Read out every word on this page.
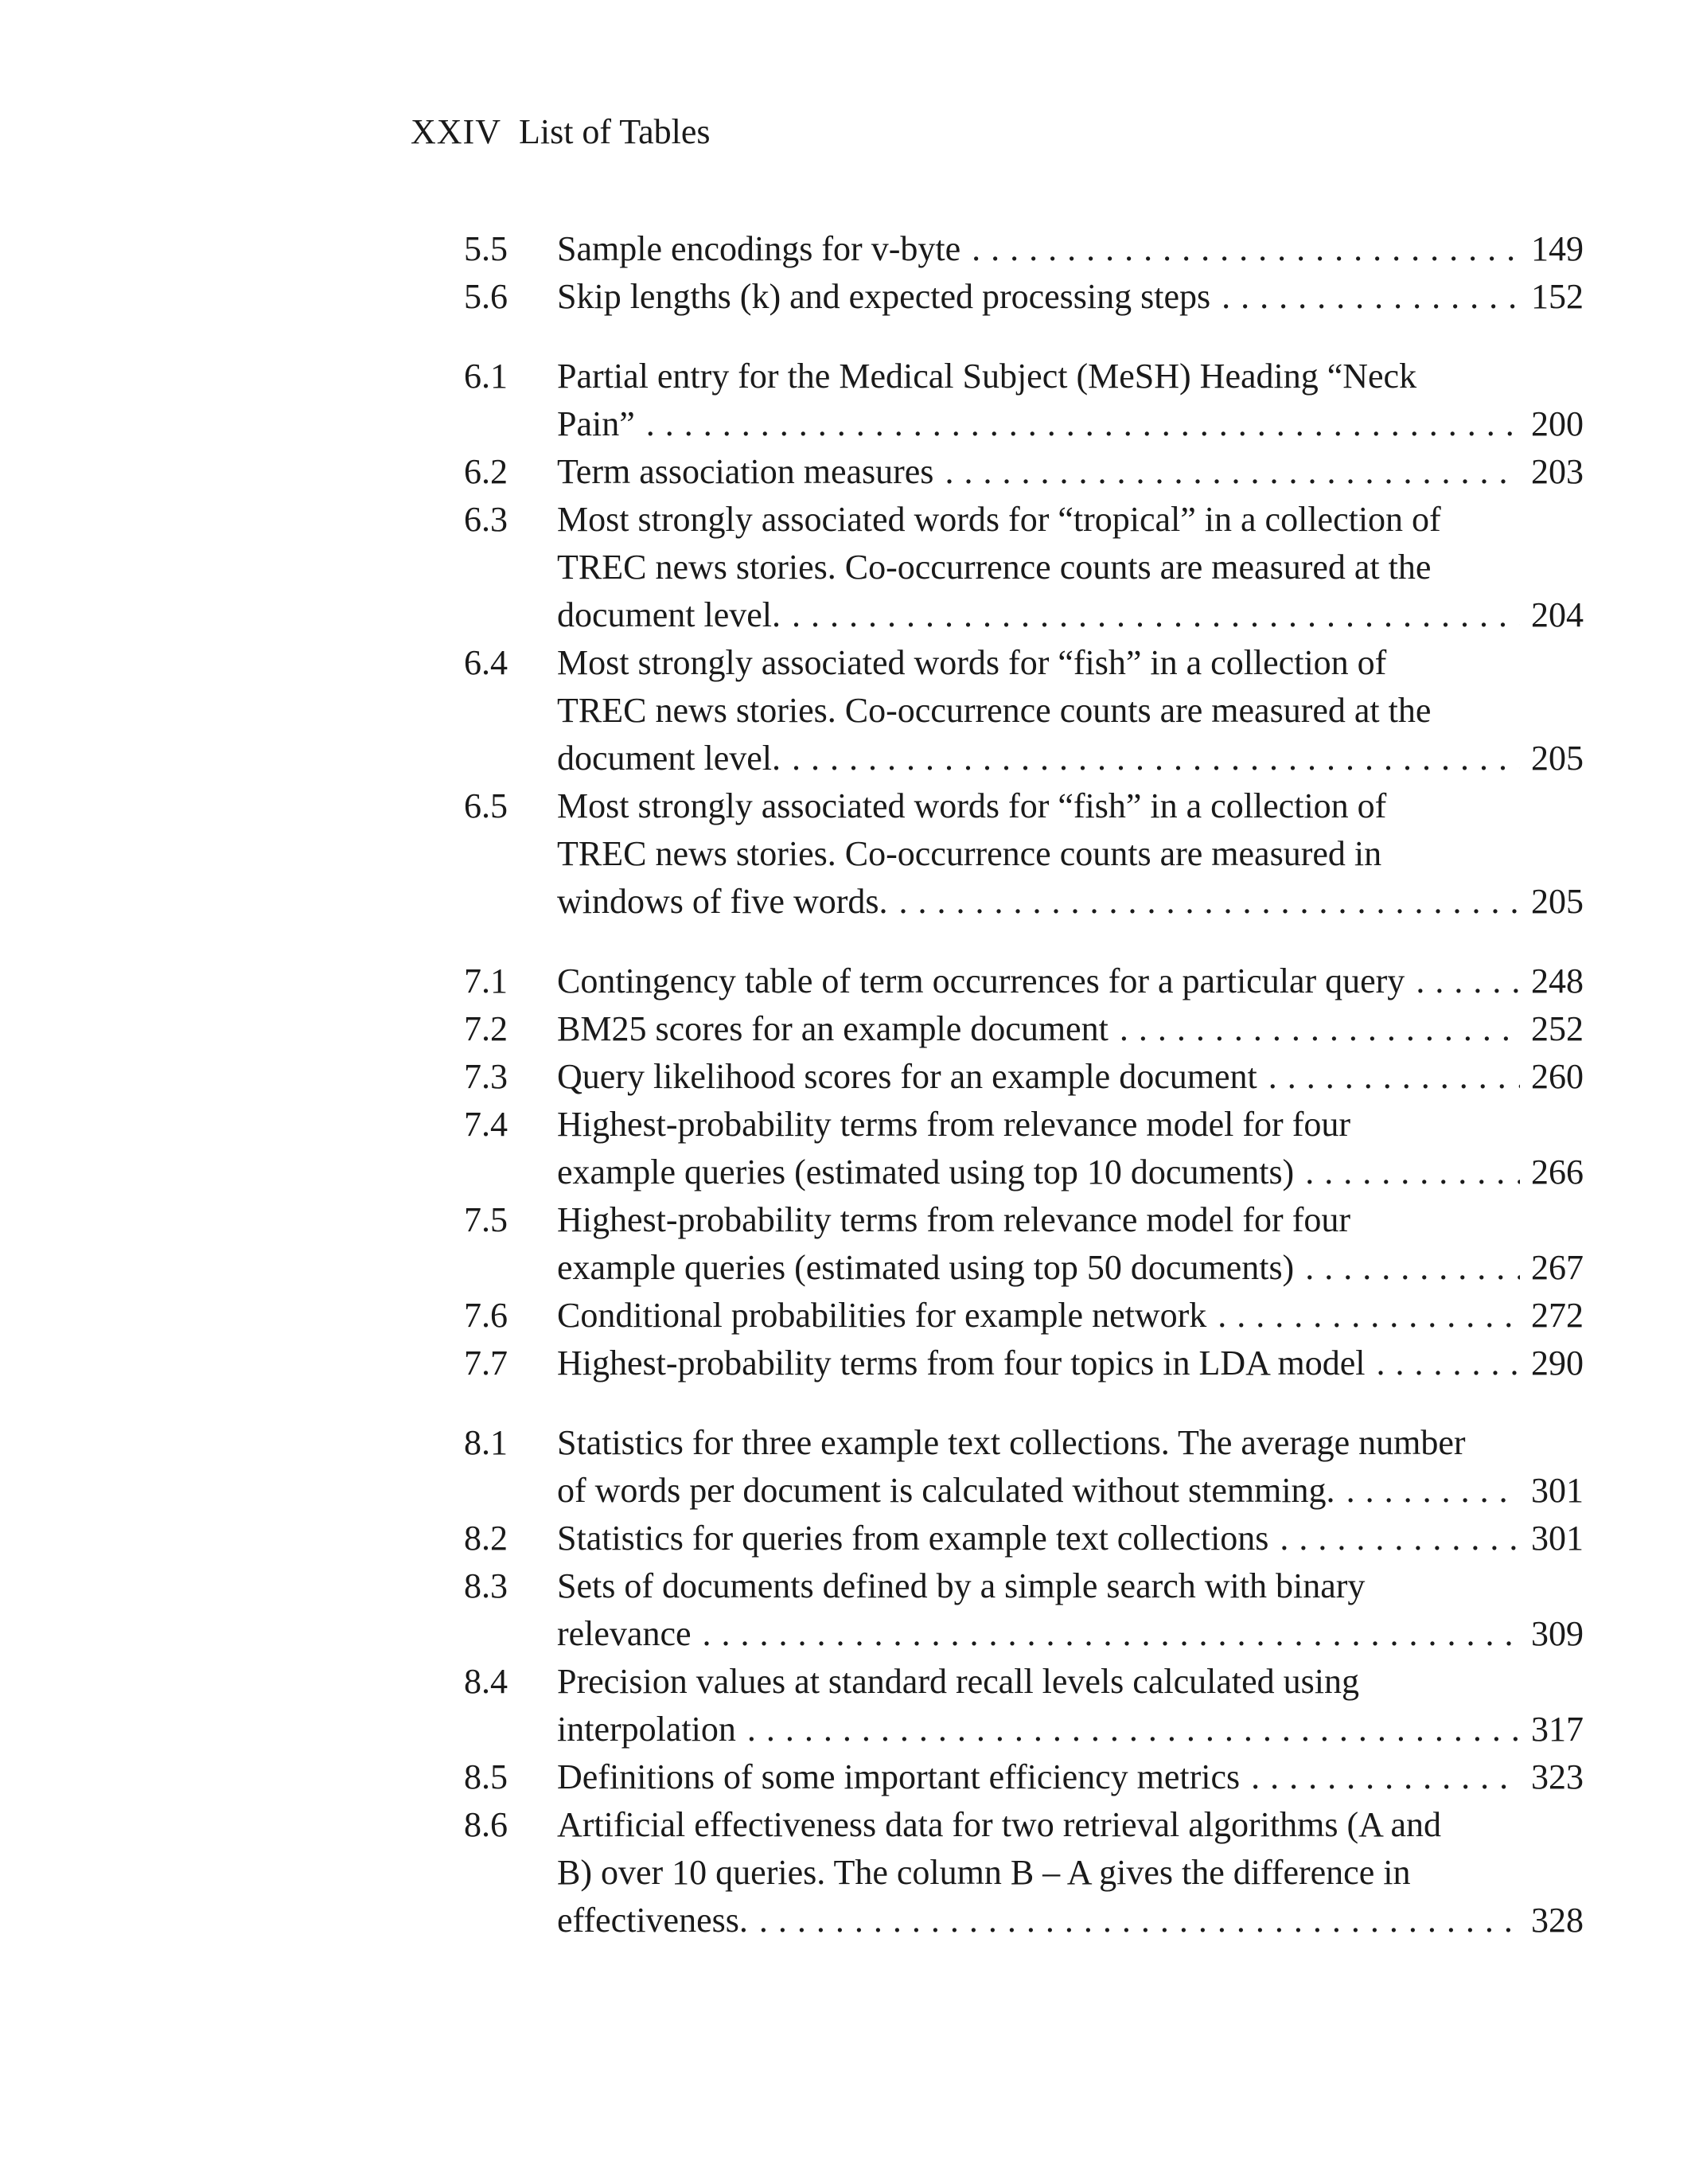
XXIV List of Tables
5.5	Sample encodings for v-byte . . .	149
5.6	Skip lengths (k) and expected processing steps . . .	152
6.1	Partial entry for the Medical Subject (MeSH) Heading “Neck
Pain” . . .	200
6.2	Term association measures . . .	203
6.3	Most strongly associated words for “tropical” in a collection of
TREC news stories. Co-occurrence counts are measured at the
document level. . . .	204
6.4	Most strongly associated words for “fish” in a collection of
TREC news stories. Co-occurrence counts are measured at the
document level. . . .	205
6.5	Most strongly associated words for “fish” in a collection of
TREC news stories. Co-occurrence counts are measured in
windows of five words. . . .	205
7.1	Contingency table of term occurrences for a particular query . . .	248
7.2	BM25 scores for an example document . . .	252
7.3	Query likelihood scores for an example document . . .	260
7.4	Highest-probability terms from relevance model for four
example queries (estimated using top 10 documents) . . .	266
7.5	Highest-probability terms from relevance model for four
example queries (estimated using top 50 documents) . . .	267
7.6	Conditional probabilities for example network . . .	272
7.7	Highest-probability terms from four topics in LDA model . . .	290
8.1	Statistics for three example text collections. The average number
of words per document is calculated without stemming. . . .	301
8.2	Statistics for queries from example text collections . . .	301
8.3	Sets of documents defined by a simple search with binary
relevance . . .	309
8.4	Precision values at standard recall levels calculated using
interpolation . . .	317
8.5	Definitions of some important efficiency metrics . . .	323
8.6	Artificial effectiveness data for two retrieval algorithms (A and
B) over 10 queries. The column B – A gives the difference in
effectiveness. . . .	328
